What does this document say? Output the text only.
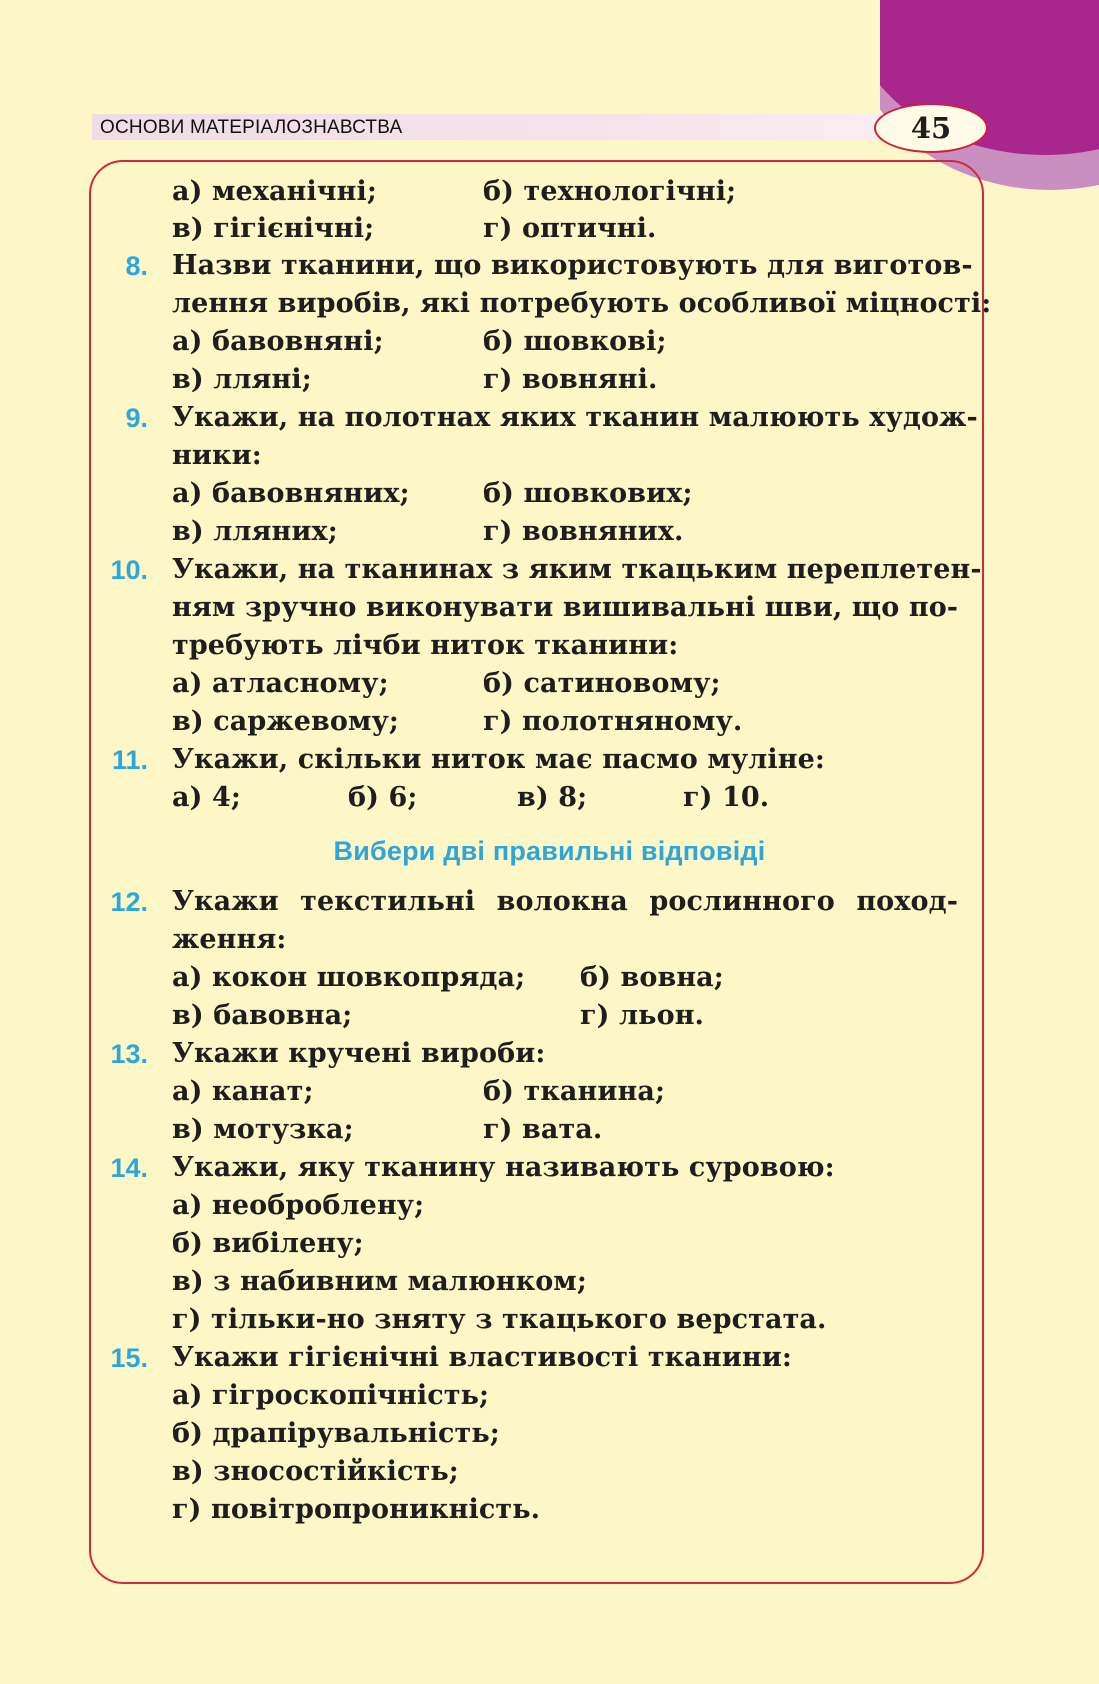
ОСНОВИ МАТЕРІАЛОЗНАВСТВА	45
а) механічні;	б) технологічні;
в) гігієнічні;	г) оптичні.
8. Назви тканини, що використовують для виготов-
лення виробів, які потребують особливої міцності:
а) бавовняні;	б) шовкові;
в) лляні;	г) вовняні.
9. Укажи, на полотнах яких тканин малюють худож-
ники:
а) бавовняних;	б) шовкових;
в) лляних;	г) вовняних.
10. Укажи, на тканинах з яким ткацьким переплетен-
ням зручно виконувати вишивальні шви, що по-
требують лічби ниток тканини:
а) атласному;	б) сатиновому;
в) саржевому;	г) полотняному.
11. Укажи, скільки ниток має пасмо муліне:
а) 4;	б) 6;	в) 8;	г) 10.
Вибери дві правильні відповіді
12. Укажи текстильні волокна рослинного поход-
ження:
а) кокон шовкопряда; б) вовна;
в) бавовна;	г) льон.
13. Укажи кручені вироби:
а) канат;	б) тканина;
в) мотузка;	г) вата.
14. Укажи, яку тканину називають суровою:
а) необроблену;
б) вибілену;
в) з набивним малюнком;
г) тільки-но зняту з ткацького верстата.
15. Укажи гігієнічні властивості тканини:
а) гігроскопічність;
б) драпірувальність;
в) зносостійкість;
г) повітропроникність.
